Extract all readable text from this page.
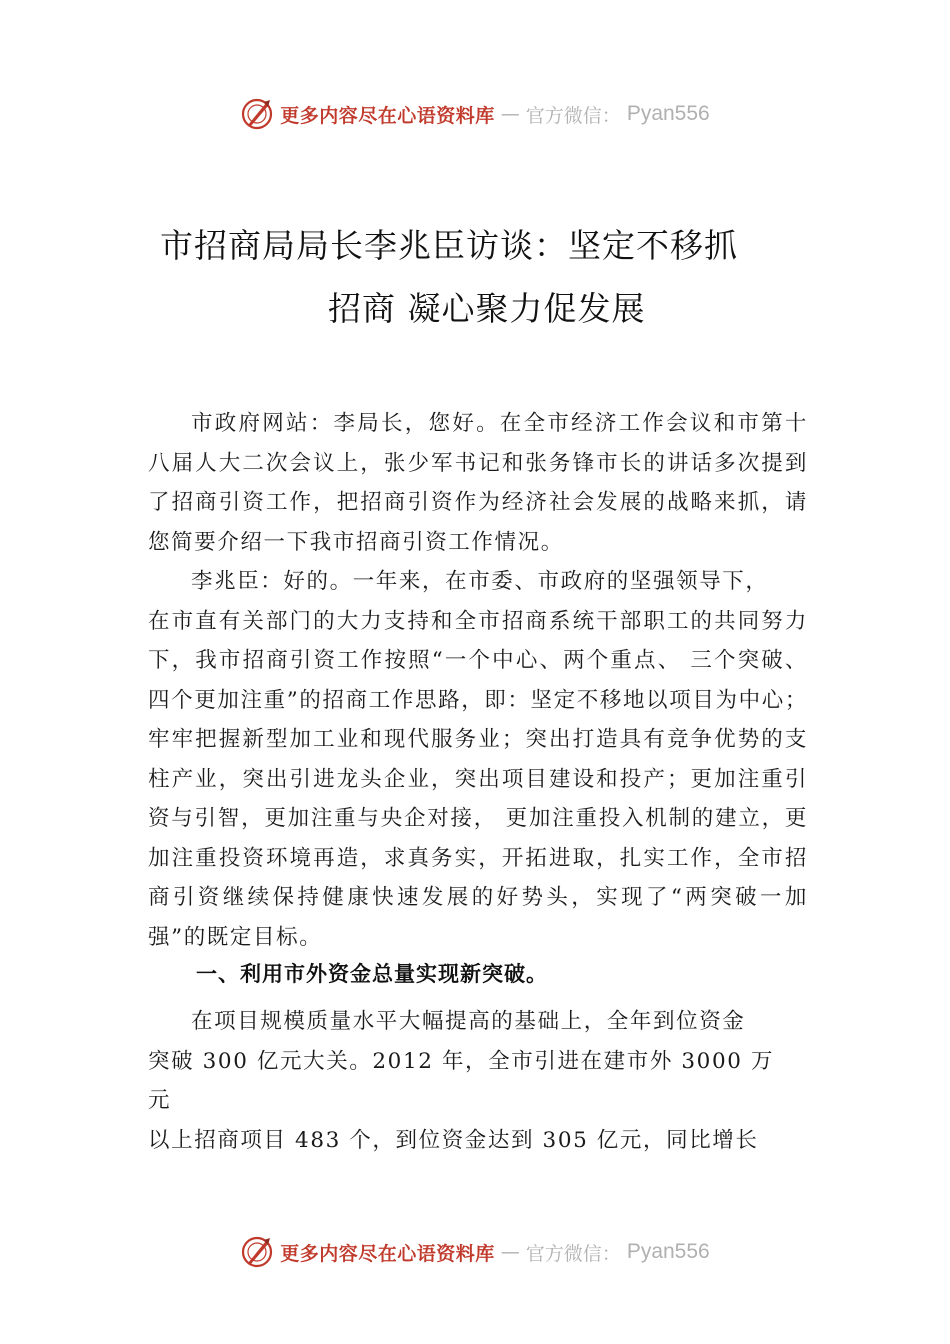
更多内容尽在心语资料库 — 官方微信： Pyan556
市招商局局长李兆臣访谈：坚定不移抓
招商 凝心聚力促发展

市政府网站：李局长，您好。在全市经济工作会议和市第十八届人大二次会议上，张少军书记和张务锋市长的讲话多次提到了招商引资工作，把招商引资作为经济社会发展的战略来抓，请您简要介绍一下我市招商引资工作情况。

李兆臣：好的。一年来，在市委、市政府的坚强领导下，

在市直有关部门的大力支持和全市招商系统干部职工的共同努力下，我市招商引资工作按照“一个中心、两个重点、 三个突破、四个更加注重”的招商工作思路，即：坚定不移地以项目为中心；牢牢把握新型加工业和现代服务业；突出打造具有竞争优势的支柱产业，突出引进龙头企业，突出项目建设和投产；更加注重引资与引智，更加注重与央企对接， 更加注重投入机制的建立，更加注重投资环境再造，求真务实，开拓进取，扎实工作，全市招商引资继续保持健康快速发展的好势头，实现了“两突破一加强”的既定目标。

一、利用市外资金总量实现新突破。
在项目规模质量水平大幅提高的基础上，全年到位资金
突破 300 亿元大关。2012 年，全市引进在建市外 3000 万
元
以上招商项目 483 个，到位资金达到 305 亿元，同比增长
更多内容尽在心语资料库 — 官方微信： Pyan556
